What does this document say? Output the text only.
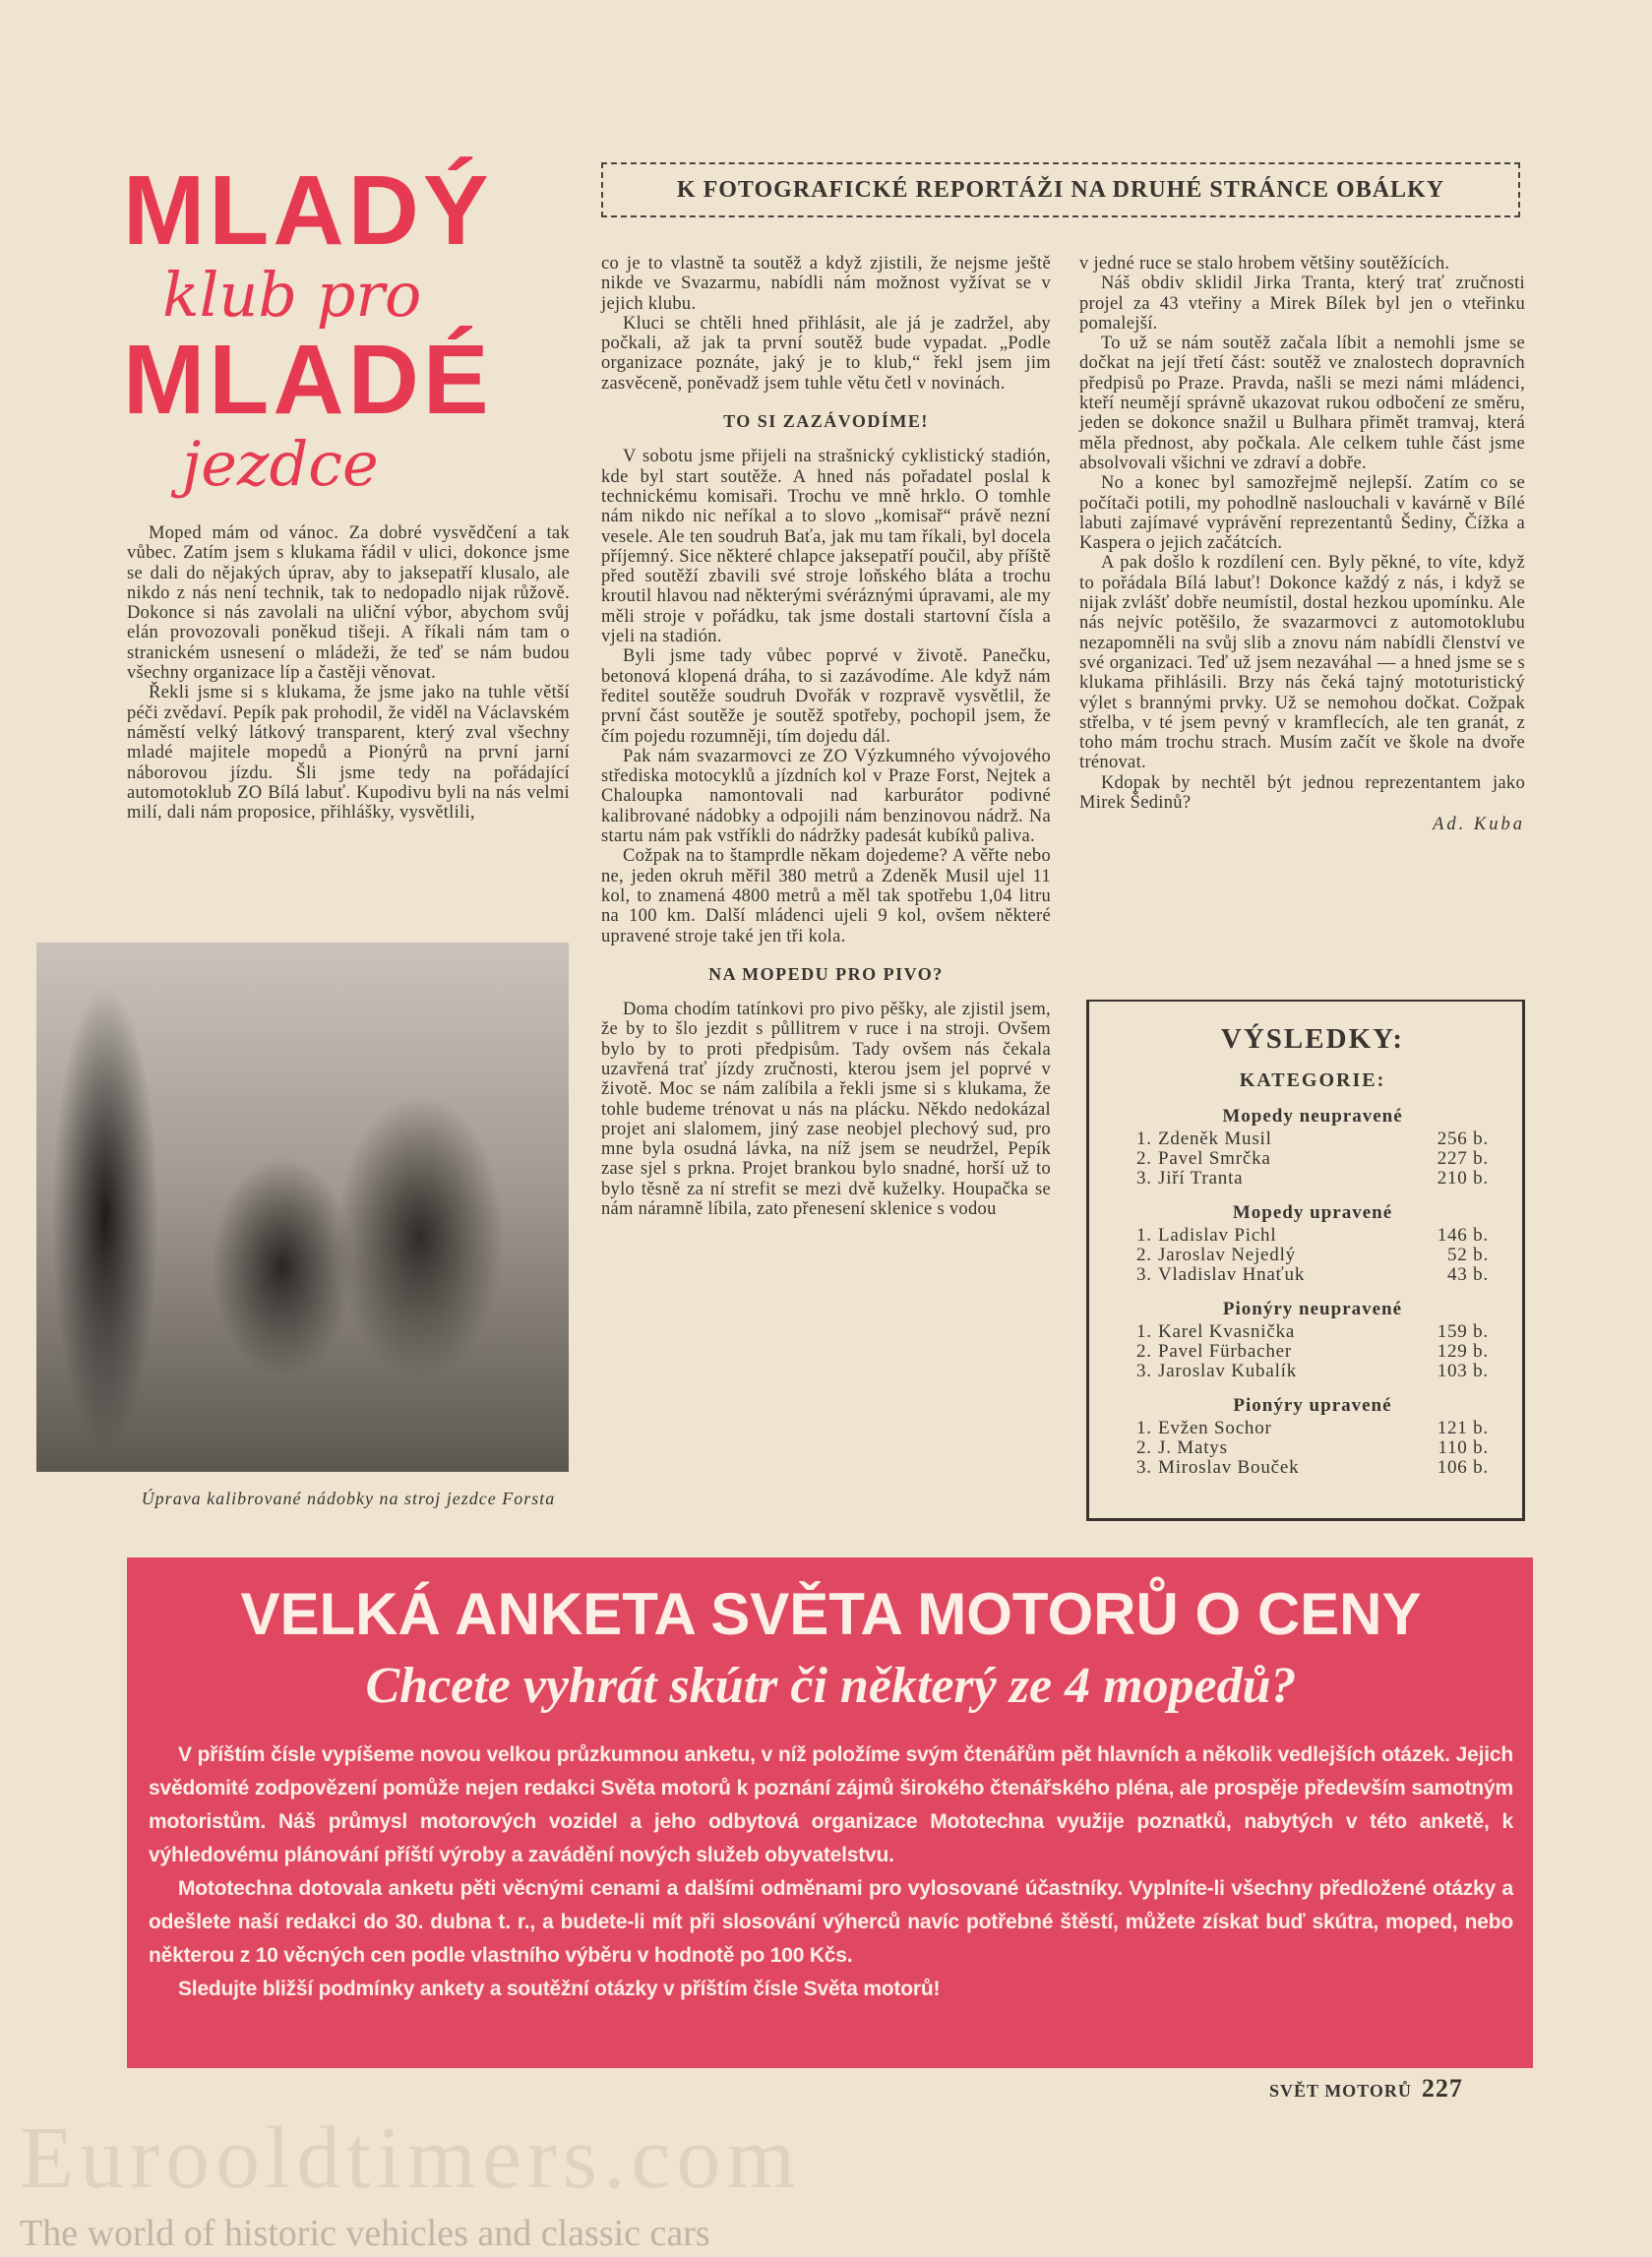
MLADÝ
klub pro
MLADÉ
jezdce
K FOTOGRAFICKÉ REPORTÁŽI NA DRUHÉ STRÁNCE OBÁLKY

Moped mám od vánoc. Za dobré vysvědčení a tak vůbec. Zatím jsem s klukama řádil v ulici, dokonce jsme se dali do nějakých úprav, aby to jaksepatří klusalo, ale nikdo z nás není technik, tak to nedopadlo nijak růžově. Dokonce si nás zavolali na uliční výbor, abychom svůj elán provozovali poněkud tišeji. A říkali nám tam o stranickém usnesení o mládeži, že teď se nám budou všechny organizace líp a častěji věnovat.

Řekli jsme si s klukama, že jsme jako na tuhle větší péči zvědaví. Pepík pak prohodil, že viděl na Václavském náměstí velký látkový transparent, který zval všechny mladé majitele mopedů a Pionýrů na první jarní náborovou jízdu. Šli jsme tedy na pořádající automotoklub ZO Bílá labuť. Kupodivu byli na nás velmi milí, dali nám proposice, přihlášky, vysvětlili,

Úprava kalibrované nádobky na stroj jezdce Forsta

co je to vlastně ta soutěž a když zjistili, že nejsme ještě nikde ve Svazarmu, nabídli nám možnost vyžívat se v jejich klubu.

Kluci se chtěli hned přihlásit, ale já je zadržel, aby počkali, až jak ta první soutěž bude vypadat. „Podle organizace poznáte, jaký je to klub,“ řekl jsem jim zasvěceně, poněvadž jsem tuhle větu četl v novinách.

TO SI ZAZÁVODÍME!

V sobotu jsme přijeli na strašnický cyklistický stadión, kde byl start soutěže. A hned nás pořadatel poslal k technickému komisaři. Trochu ve mně hrklo. O tomhle nám nikdo nic neříkal a to slovo „komisař“ právě nezní vesele. Ale ten soudruh Baťa, jak mu tam říkali, byl docela příjemný. Sice některé chlapce jaksepatří poučil, aby příště před soutěží zbavili své stroje loňského bláta a trochu kroutil hlavou nad některými svéráznými úpravami, ale my měli stroje v pořádku, tak jsme dostali startovní čísla a vjeli na stadión.

Byli jsme tady vůbec poprvé v životě. Panečku, betonová klopená dráha, to si zazávodíme. Ale když nám ředitel soutěže soudruh Dvořák v rozpravě vysvětlil, že první část soutěže je soutěž spotřeby, pochopil jsem, že čím pojedu rozumněji, tím dojedu dál.

Pak nám svazarmovci ze ZO Výzkumného vývojového střediska motocyklů a jízdních kol v Praze Forst, Nejtek a Chaloupka namontovali nad karburátor podivné kalibrované nádobky a odpojili nám benzinovou nádrž. Na startu nám pak vstříkli do nádržky padesát kubíků paliva.

Cožpak na to štamprdle někam dojedeme? A věřte nebo ne, jeden okruh měřil 380 metrů a Zdeněk Musil ujel 11 kol, to znamená 4800 metrů a měl tak spotřebu 1,04 litru na 100 km. Další mládenci ujeli 9 kol, ovšem některé upravené stroje také jen tři kola.

NA MOPEDU PRO PIVO?

Doma chodím tatínkovi pro pivo pěšky, ale zjistil jsem, že by to šlo jezdit s půllitrem v ruce i na stroji. Ovšem bylo by to proti předpisům. Tady ovšem nás čekala uzavřená trať jízdy zručnosti, kterou jsem jel poprvé v životě. Moc se nám zalíbila a řekli jsme si s klukama, že tohle budeme trénovat u nás na plácku. Někdo nedokázal projet ani slalomem, jiný zase neobjel plechový sud, pro mne byla osudná lávka, na níž jsem se neudržel, Pepík zase sjel s prkna. Projet brankou bylo snadné, horší už to bylo těsně za ní strefit se mezi dvě kuželky. Houpačka se nám náramně líbila, zato přenesení sklenice s vodou

v jedné ruce se stalo hrobem většiny soutěžících.

Náš obdiv sklidil Jirka Tranta, který trať zručnosti projel za 43 vteřiny a Mirek Bílek byl jen o vteřinku pomalejší.

To už se nám soutěž začala líbit a nemohli jsme se dočkat na její třetí část: soutěž ve znalostech dopravních předpisů po Praze. Pravda, našli se mezi námi mládenci, kteří neumějí správně ukazovat rukou odbočení ze směru, jeden se dokonce snažil u Bulhara přimět tramvaj, která měla přednost, aby počkala. Ale celkem tuhle část jsme absolvovali všichni ve zdraví a dobře.

No a konec byl samozřejmě nejlepší. Zatím co se počítači potili, my pohodlně naslouchali v kavárně v Bílé labuti zajímavé vyprávění reprezentantů Šediny, Čížka a Kaspera o jejich začátcích.

A pak došlo k rozdílení cen. Byly pěkné, to víte, když to pořádala Bílá labuť! Dokonce každý z nás, i když se nijak zvlášť dobře neumístil, dostal hezkou upomínku. Ale nás nejvíc potěšilo, že svazarmovci z automotoklubu nezapomněli na svůj slib a znovu nám nabídli členství ve své organizaci. Teď už jsem nezaváhal — a hned jsme se s klukama přihlásili. Brzy nás čeká tajný mototuristický výlet s brannými prvky. Už se nemohou dočkat. Cožpak střelba, v té jsem pevný v kramflecích, ale ten granát, z toho mám trochu strach. Musím začít ve škole na dvoře trénovat.

Kdopak by nechtěl být jednou reprezentantem jako Mirek Šedinů?

Ad. Kuba
VÝSLEDKY:
KATEGORIE:
Mopedy neupravené
1. Zdeněk Musil	256 b.
2. Pavel Smrčka	227 b.
3. Jiří Tranta	210 b.
Mopedy upravené
1. Ladislav Pichl	146 b.
2. Jaroslav Nejedlý	52 b.
3. Vladislav Hnaťuk	43 b.
Pionýry neupravené
1. Karel Kvasnička	159 b.
2. Pavel Fürbacher	129 b.
3. Jaroslav Kubalík	103 b.
Pionýry upravené
1. Evžen Sochor	121 b.
2. J. Matys	110 b.
3. Miroslav Bouček	106 b.
VELKÁ ANKETA SVĚTA MOTORŮ O CENY
Chcete vyhrát skútr či některý ze 4 mopedů?

V příštím čísle vypíšeme novou velkou průzkumnou anketu, v níž položíme svým čtenářům pět hlavních a několik vedlejších otázek. Jejich svědomité zodpovězení pomůže nejen redakci Světa motorů k poznání zájmů širokého čtenářského pléna, ale prospěje především samotným motoristům. Náš průmysl motorových vozidel a jeho odbytová organizace Mototechna využije poznatků, nabytých v této anketě, k výhledovému plánování příští výroby a zavádění nových služeb obyvatelstvu.

Mototechna dotovala anketu pěti věcnými cenami a dalšími odměnami pro vylosované účastníky. Vyplníte-li všechny předložené otázky a odešlete naší redakci do 30. dubna t. r., a budete-li mít při slosování výherců navíc potřebné štěstí, můžete získat buď skútra, moped, nebo některou z 10 věcných cen podle vlastního výběru v hodnotě po 100 Kčs.

Sledujte bližší podmínky ankety a soutěžní otázky v příštím čísle Světa motorů!

SVĚT MOTORŮ 227
Eurooldtimers.com
The world of historic vehicles and classic cars
